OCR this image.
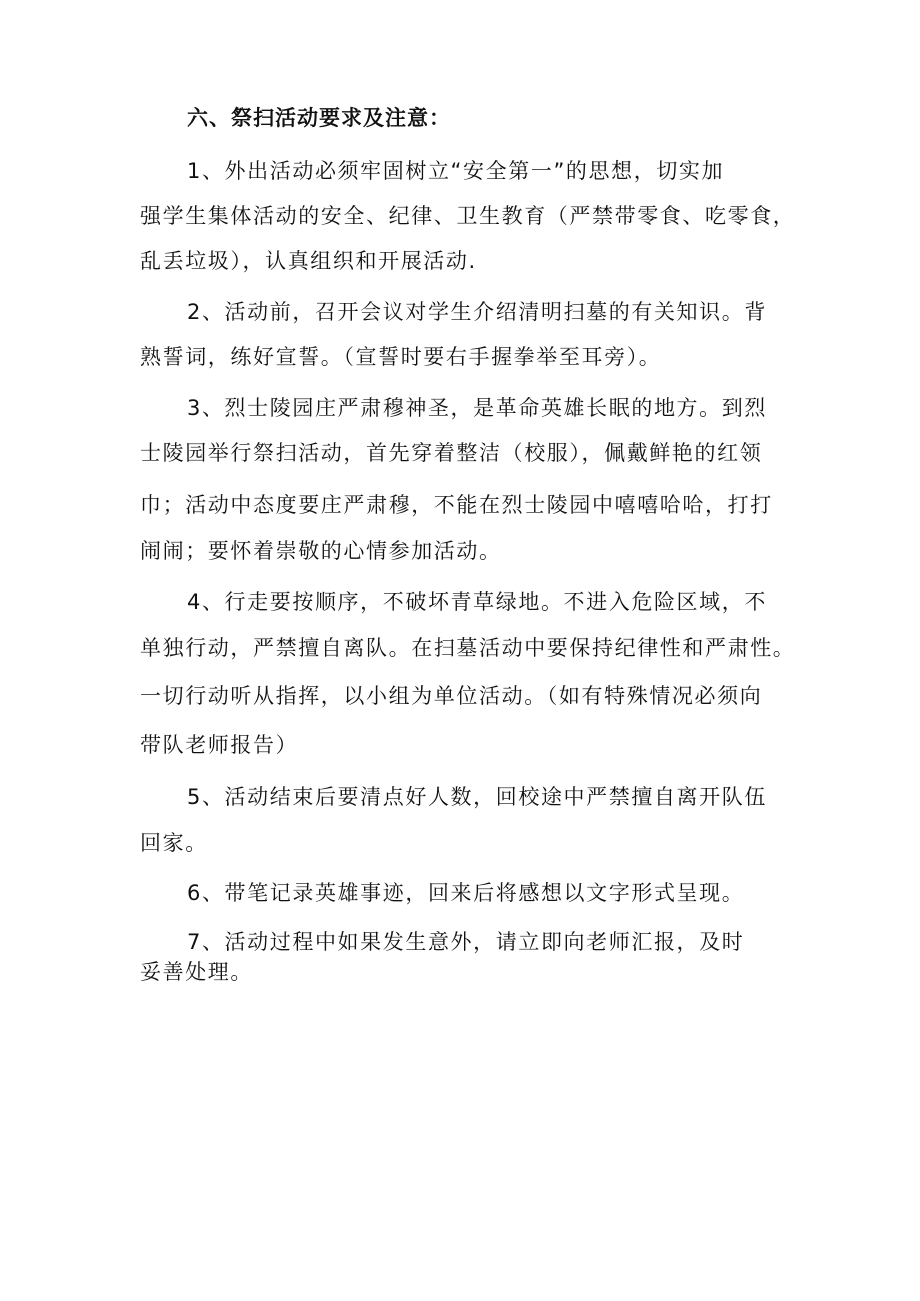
六、祭扫活动要求及注意：
1、外出活动必须牢固树立“安全第一”的思想，切实加
强学生集体活动的安全、纪律、卫生教育（严禁带零食、吃零食，
乱丢垃圾），认真组织和开展活动.
2、活动前，召开会议对学生介绍清明扫墓的有关知识。背
熟誓词，练好宣誓。（宣誓时要右手握拳举至耳旁）。
3、烈士陵园庄严肃穆神圣，是革命英雄长眠的地方。到烈
士陵园举行祭扫活动，首先穿着整洁（校服），佩戴鲜艳的红领
巾；活动中态度要庄严肃穆，不能在烈士陵园中嘻嘻哈哈，打打
闹闹；要怀着崇敬的心情参加活动。
4、行走要按顺序，不破坏青草绿地。不进入危险区域，不
单独行动，严禁擅自离队。在扫墓活动中要保持纪律性和严肃性。
一切行动听从指挥，以小组为单位活动。（如有特殊情况必须向
带队老师报告）
5、活动结束后要清点好人数，回校途中严禁擅自离开队伍
回家。
6、带笔记录英雄事迹，回来后将感想以文字形式呈现。
7、活动过程中如果发生意外，请立即向老师汇报，及时
妥善处理。
